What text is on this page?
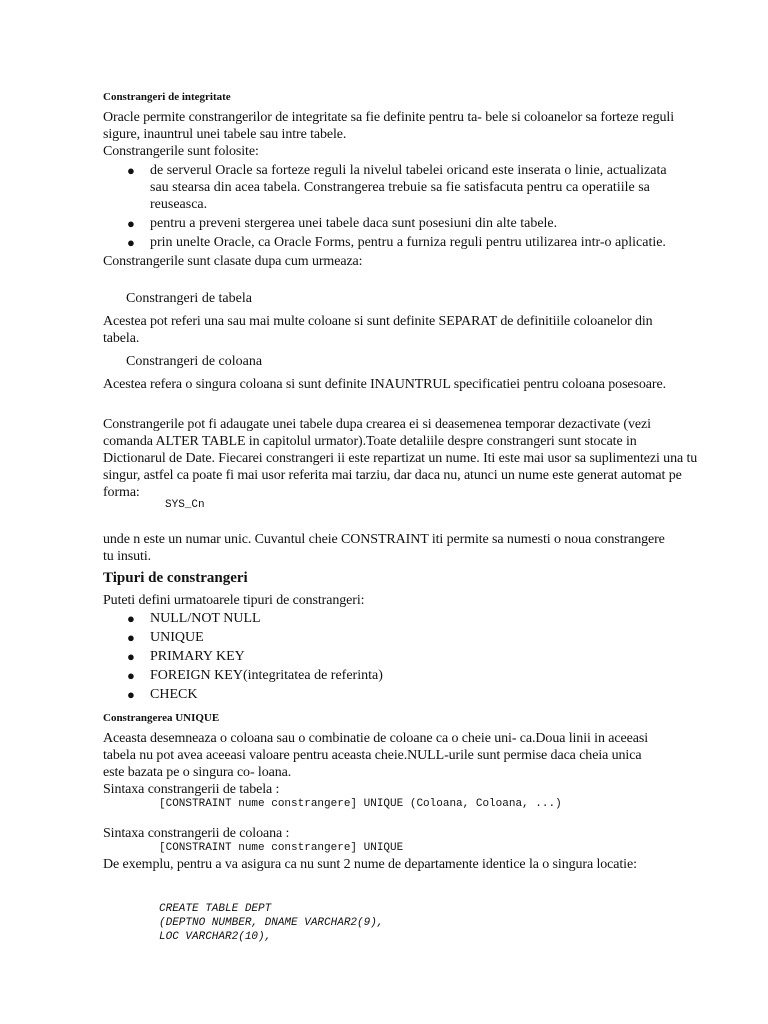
Constrangeri de integritate

Oracle permite constrangerilor de integritate sa fie definite pentru ta- bele si coloanelor sa forteze reguli sigure, inauntrul unei tabele sau intre tabele.

Constrangerile sunt folosite:

● de serverul Oracle sa forteze reguli la nivelul tabelei oricand este inserata o linie, actualizata sau stearsa din acea tabela. Constrangerea trebuie sa fie satisfacuta pentru ca operatiile sa reuseasca.
● pentru a preveni stergerea unei tabele daca sunt posesiuni din alte tabele.
● prin unelte Oracle, ca Oracle Forms, pentru a furniza reguli pentru utilizarea intr-o aplicatie.

Constrangerile sunt clasate dupa cum urmeaza:

Constrangeri de tabela

Acestea pot referi una sau mai multe coloane si sunt definite SEPARAT de definitiile coloanelor din tabela.

Constrangeri de coloana

Acestea refera o singura coloana si sunt definite INAUNTRUL specificatiei pentru coloana posesoare.

Constrangerile pot fi adaugate unei tabele dupa crearea ei si deasemenea temporar dezactivate (vezi comanda ALTER TABLE in capitolul urmator).Toate detaliile despre constrangeri sunt stocate in Dictionarul de Date. Fiecarei constrangeri ii este repartizat un nume. Iti este mai usor sa suplimentezi una tu singur, astfel ca poate fi mai usor referita mai tarziu, dar daca nu, atunci un nume este generat automat pe forma:

SYS_Cn

unde n este un numar unic. Cuvantul cheie CONSTRAINT iti permite sa numesti o noua constrangere tu insuti.

Tipuri de constrangeri

Puteti defini urmatoarele tipuri de constrangeri:

● NULL/NOT NULL
● UNIQUE
● PRIMARY KEY
● FOREIGN KEY(integritatea de referinta)
● CHECK

Constrangerea UNIQUE

Aceasta desemneaza o coloana sau o combinatie de coloane ca o cheie uni- ca.Doua linii in aceeasi tabela nu pot avea aceeasi valoare pentru aceasta cheie.NULL-urile sunt permise daca cheia unica este bazata pe o singura co- loana.

Sintaxa constrangerii de tabela :

[CONSTRAINT nume constrangere] UNIQUE (Coloana, Coloana, ...)

Sintaxa constrangerii de coloana :

[CONSTRAINT nume constrangere] UNIQUE

De exemplu, pentru a va asigura ca nu sunt 2 nume de departamente identice la o singura locatie:

CREATE TABLE DEPT

(DEPTNO NUMBER, DNAME VARCHAR2(9),

LOC VARCHAR2(10),
